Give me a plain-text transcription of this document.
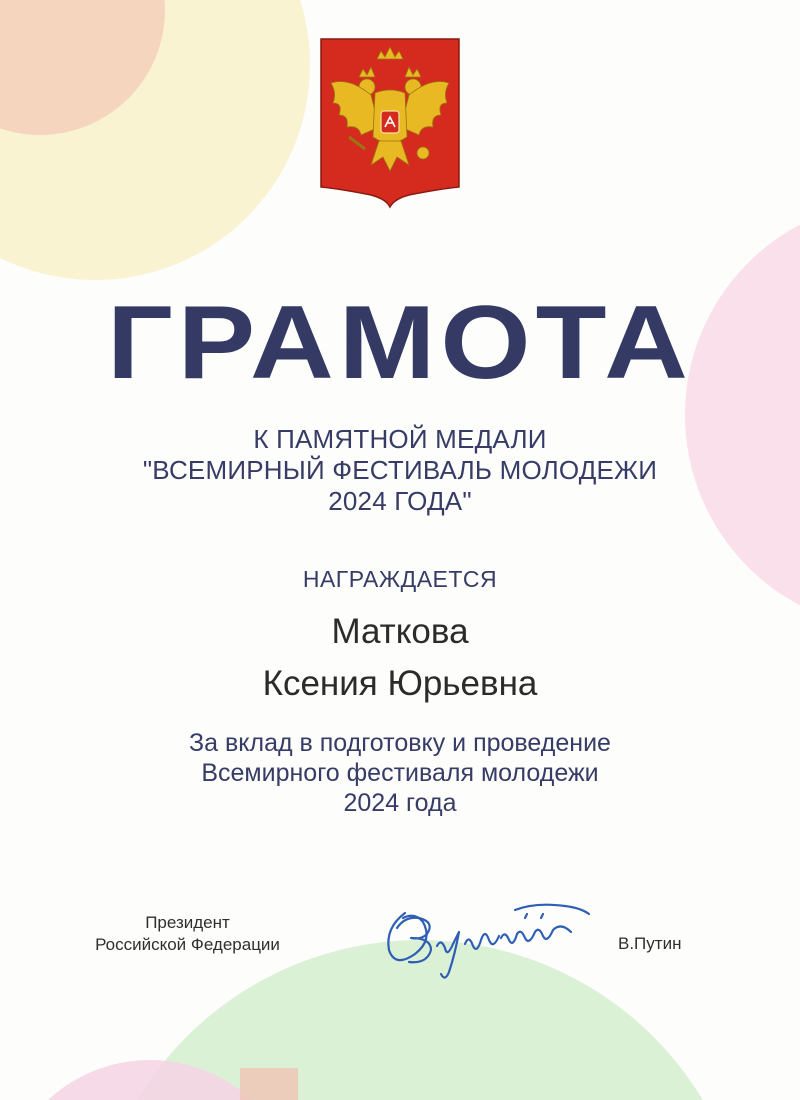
ГРАМОТА
К ПАМЯТНОЙ МЕДАЛИ
"ВСЕМИРНЫЙ ФЕСТИВАЛЬ МОЛОДЕЖИ
2024 ГОДА"
НАГРАЖДАЕТСЯ
Маткова
Ксения Юрьевна
За вклад в подготовку и проведение
Всемирного фестиваля молодежи
2024 года
Президент
Российской Федерации	В.Путин
